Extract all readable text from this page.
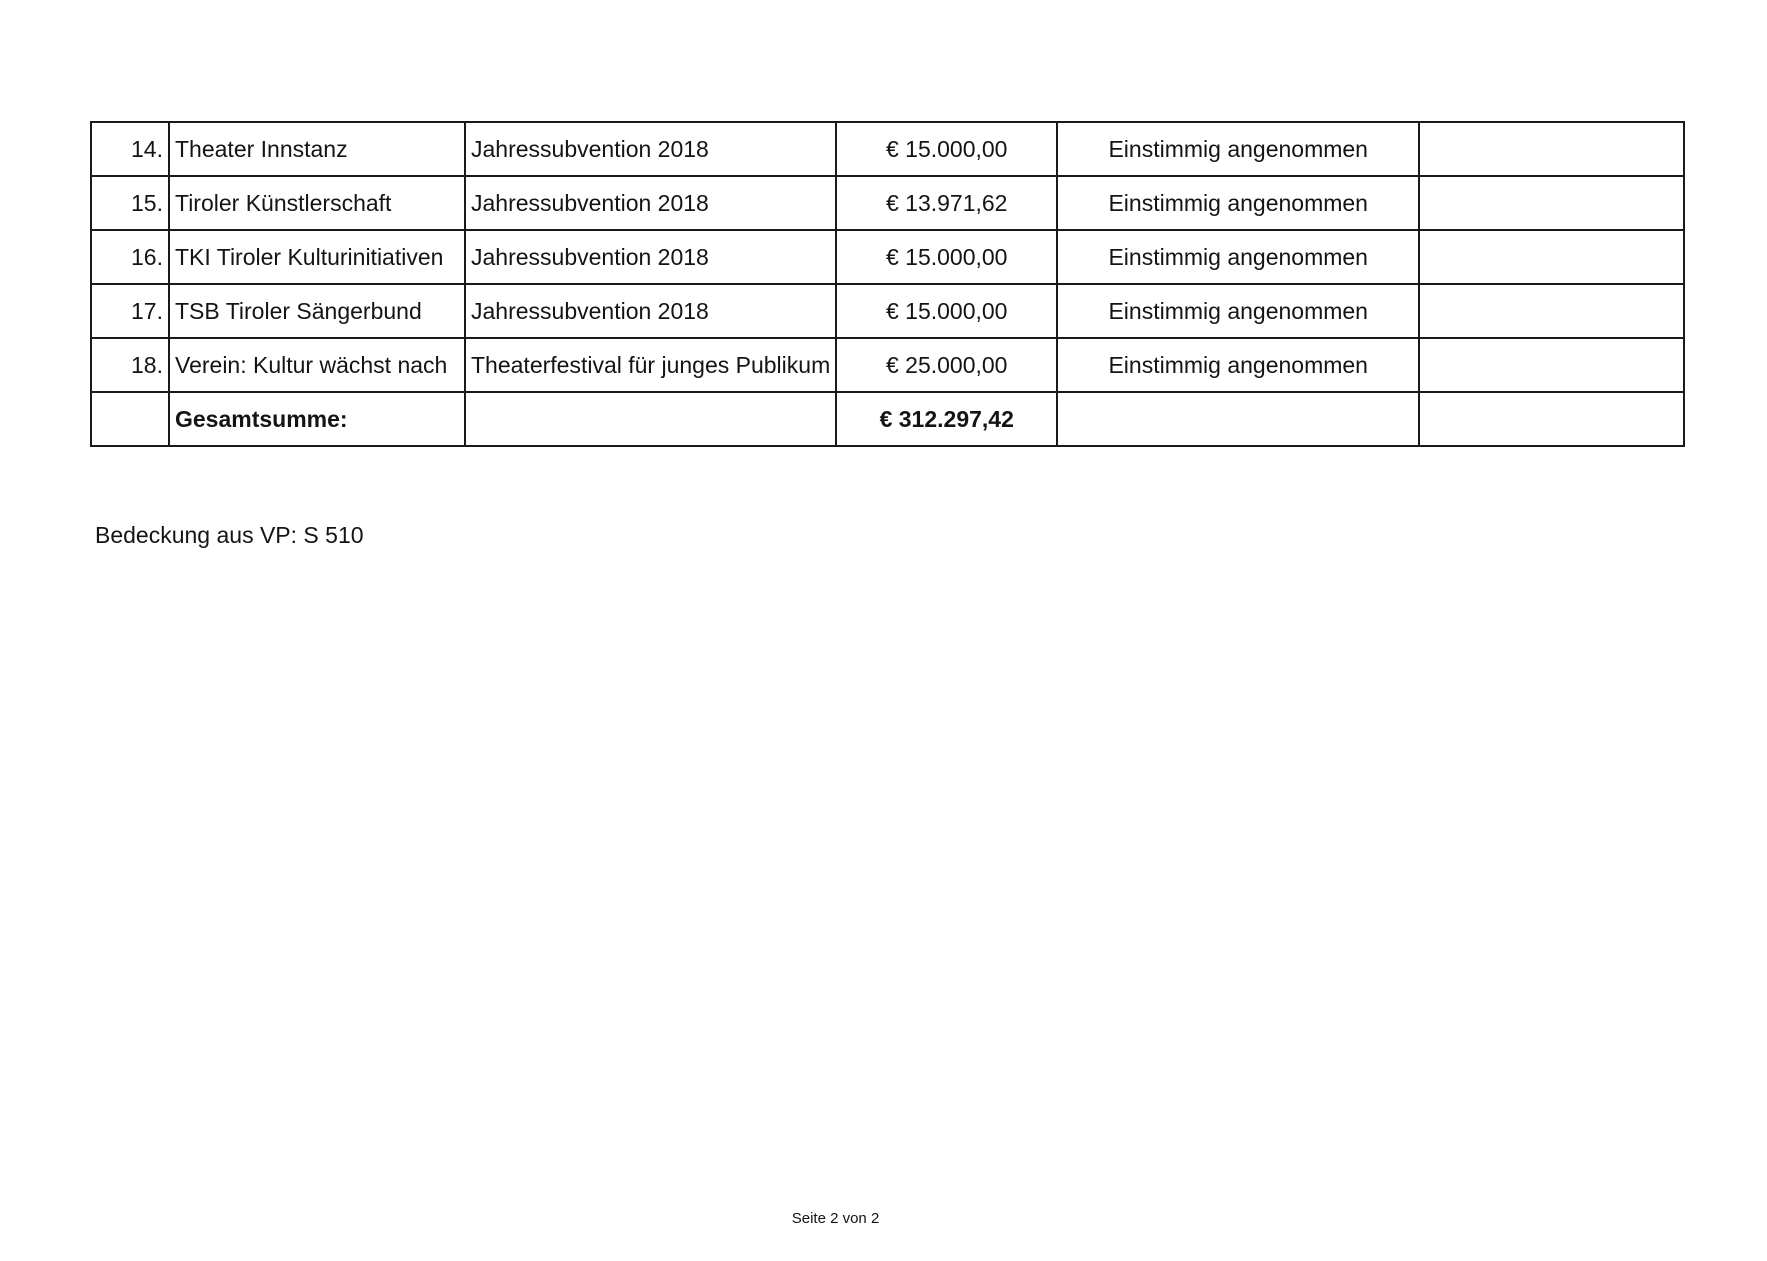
14.	Theater Innstanz	Jahressubvention 2018	€ 15.000,00	Einstimmig angenommen	
15.	Tiroler Künstlerschaft	Jahressubvention 2018	€ 13.971,62	Einstimmig angenommen	
16.	TKI Tiroler Kulturinitiativen	Jahressubvention 2018	€ 15.000,00	Einstimmig angenommen	
17.	TSB Tiroler Sängerbund	Jahressubvention 2018	€ 15.000,00	Einstimmig angenommen	
18.	Verein: Kultur wächst nach	Theaterfestival für junges Publikum	€ 25.000,00	Einstimmig angenommen	
	Gesamtsumme:		€ 312.297,42		
Bedeckung aus VP: S 510
Seite 2 von 2
